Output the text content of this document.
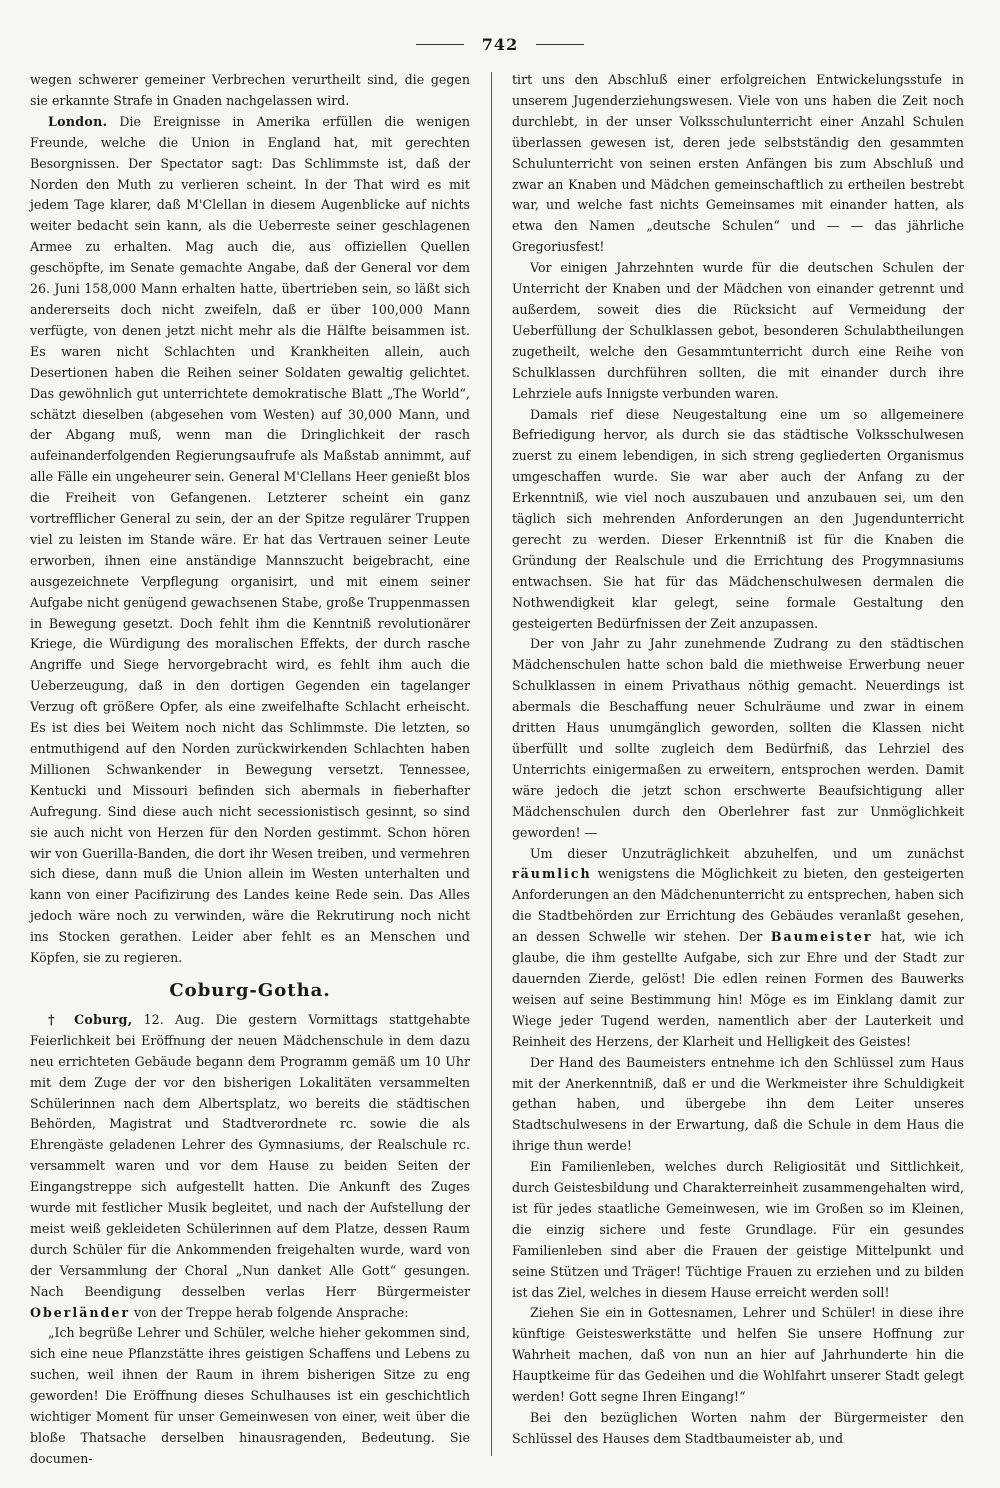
742

wegen schwerer gemeiner Verbrechen verurtheilt sind, die gegen sie erkannte Strafe in Gnaden nachgelassen wird.

London. Die Ereignisse in Amerika erfüllen die wenigen Freunde, welche die Union in England hat, mit gerechten Besorgnissen. Der Spectator sagt: Das Schlimmste ist, daß der Norden den Muth zu verlieren scheint. In der That wird es mit jedem Tage klarer, daß M'Clellan in diesem Augenblicke auf nichts weiter bedacht sein kann, als die Ueberreste seiner geschlagenen Armee zu erhalten. Mag auch die, aus offiziellen Quellen geschöpfte, im Senate gemachte Angabe, daß der General vor dem 26. Juni 158,000 Mann erhalten hatte, übertrieben sein, so läßt sich andererseits doch nicht zweifeln, daß er über 100,000 Mann verfügte, von denen jetzt nicht mehr als die Hälfte beisammen ist. Es waren nicht Schlachten und Krankheiten allein, auch Desertionen haben die Reihen seiner Soldaten gewaltig gelichtet. Das gewöhnlich gut unterrichtete demokratische Blatt „The World“, schätzt dieselben (abgesehen vom Westen) auf 30,000 Mann, und der Abgang muß, wenn man die Dringlichkeit der rasch aufeinanderfolgenden Regierungsaufrufe als Maßstab annimmt, auf alle Fälle ein ungeheurer sein. General M'Clellans Heer genießt blos die Freiheit von Gefangenen. Letzterer scheint ein ganz vortrefflicher General zu sein, der an der Spitze regulärer Truppen viel zu leisten im Stande wäre. Er hat das Vertrauen seiner Leute erworben, ihnen eine anständige Mannszucht beigebracht, eine ausgezeichnete Verpflegung organisirt, und mit einem seiner Aufgabe nicht genügend gewachsenen Stabe, große Truppenmassen in Bewegung gesetzt. Doch fehlt ihm die Kenntniß revolutionärer Kriege, die Würdigung des moralischen Effekts, der durch rasche Angriffe und Siege hervorgebracht wird, es fehlt ihm auch die Ueberzeugung, daß in den dortigen Gegenden ein tagelanger Verzug oft größere Opfer, als eine zweifelhafte Schlacht erheischt. Es ist dies bei Weitem noch nicht das Schlimmste. Die letzten, so entmuthigend auf den Norden zurückwirkenden Schlachten haben Millionen Schwankender in Bewegung versetzt. Tennessee, Kentucki und Missouri befinden sich abermals in fieberhafter Aufregung. Sind diese auch nicht secessionistisch gesinnt, so sind sie auch nicht von Herzen für den Norden gestimmt. Schon hören wir von Guerilla-Banden, die dort ihr Wesen treiben, und vermehren sich diese, dann muß die Union allein im Westen unterhalten und kann von einer Pacifizirung des Landes keine Rede sein. Das Alles jedoch wäre noch zu verwinden, wäre die Rekrutirung noch nicht ins Stocken gerathen. Leider aber fehlt es an Menschen und Köpfen, sie zu regieren.

Coburg-Gotha.

† Coburg, 12. Aug. Die gestern Vormittags stattgehabte Feierlichkeit bei Eröffnung der neuen Mädchenschule in dem dazu neu errichteten Gebäude begann dem Programm gemäß um 10 Uhr mit dem Zuge der vor den bisherigen Lokalitäten versammelten Schülerinnen nach dem Albertsplatz, wo bereits die städtischen Behörden, Magistrat und Stadtverordnete rc. sowie die als Ehrengäste geladenen Lehrer des Gymnasiums, der Realschule rc. versammelt waren und vor dem Hause zu beiden Seiten der Eingangstreppe sich aufgestellt hatten. Die Ankunft des Zuges wurde mit festlicher Musik begleitet, und nach der Aufstellung der meist weiß gekleideten Schülerinnen auf dem Platze, dessen Raum durch Schüler für die Ankommenden freigehalten wurde, ward von der Versammlung der Choral „Nun danket Alle Gott“ gesungen. Nach Beendigung desselben verlas Herr Bürgermeister Oberländer von der Treppe herab folgende Ansprache:

„Ich begrüße Lehrer und Schüler, welche hieher gekommen sind, sich eine neue Pflanzstätte ihres geistigen Schaffens und Lebens zu suchen, weil ihnen der Raum in ihrem bisherigen Sitze zu eng geworden! Die Eröffnung dieses Schulhauses ist ein geschichtlich wichtiger Moment für unser Gemeinwesen von einer, weit über die bloße Thatsache derselben hinausragenden, Bedeutung. Sie documen-

tirt uns den Abschluß einer erfolgreichen Entwickelungsstufe in unserem Jugenderziehungswesen. Viele von uns haben die Zeit noch durchlebt, in der unser Volksschulunterricht einer Anzahl Schulen überlassen gewesen ist, deren jede selbstständig den gesammten Schulunterricht von seinen ersten Anfängen bis zum Abschluß und zwar an Knaben und Mädchen gemeinschaftlich zu ertheilen bestrebt war, und welche fast nichts Gemeinsames mit einander hatten, als etwa den Namen „deutsche Schulen“ und — — das jährliche Gregoriusfest!

Vor einigen Jahrzehnten wurde für die deutschen Schulen der Unterricht der Knaben und der Mädchen von einander getrennt und außerdem, soweit dies die Rücksicht auf Vermeidung der Ueberfüllung der Schulklassen gebot, besonderen Schulabtheilungen zugetheilt, welche den Gesammtunterricht durch eine Reihe von Schulklassen durchführen sollten, die mit einander durch ihre Lehrziele aufs Innigste verbunden waren.

Damals rief diese Neugestaltung eine um so allgemeinere Befriedigung hervor, als durch sie das städtische Volksschulwesen zuerst zu einem lebendigen, in sich streng gegliederten Organismus umgeschaffen wurde. Sie war aber auch der Anfang zu der Erkenntniß, wie viel noch auszubauen und anzubauen sei, um den täglich sich mehrenden Anforderungen an den Jugendunterricht gerecht zu werden. Dieser Erkenntniß ist für die Knaben die Gründung der Realschule und die Errichtung des Progymnasiums entwachsen. Sie hat für das Mädchenschulwesen dermalen die Nothwendigkeit klar gelegt, seine formale Gestaltung den gesteigerten Bedürfnissen der Zeit anzupassen.

Der von Jahr zu Jahr zunehmende Zudrang zu den städtischen Mädchenschulen hatte schon bald die miethweise Erwerbung neuer Schulklassen in einem Privathaus nöthig gemacht. Neuerdings ist abermals die Beschaffung neuer Schulräume und zwar in einem dritten Haus unumgänglich geworden, sollten die Klassen nicht überfüllt und sollte zugleich dem Bedürfniß, das Lehrziel des Unterrichts einigermaßen zu erweitern, entsprochen werden. Damit wäre jedoch die jetzt schon erschwerte Beaufsichtigung aller Mädchenschulen durch den Oberlehrer fast zur Unmöglichkeit geworden! —

Um dieser Unzuträglichkeit abzuhelfen, und um zunächst räumlich wenigstens die Möglichkeit zu bieten, den gesteigerten Anforderungen an den Mädchenunterricht zu entsprechen, haben sich die Stadtbehörden zur Errichtung des Gebäudes veranlaßt gesehen, an dessen Schwelle wir stehen. Der Baumeister hat, wie ich glaube, die ihm gestellte Aufgabe, sich zur Ehre und der Stadt zur dauernden Zierde, gelöst! Die edlen reinen Formen des Bauwerks weisen auf seine Bestimmung hin! Möge es im Einklang damit zur Wiege jeder Tugend werden, namentlich aber der Lauterkeit und Reinheit des Herzens, der Klarheit und Helligkeit des Geistes!

Der Hand des Baumeisters entnehme ich den Schlüssel zum Haus mit der Anerkenntniß, daß er und die Werkmeister ihre Schuldigkeit gethan haben, und übergebe ihn dem Leiter unseres Stadtschulwesens in der Erwartung, daß die Schule in dem Haus die ihrige thun werde!

Ein Familienleben, welches durch Religiosität und Sittlichkeit, durch Geistesbildung und Charakterreinheit zusammengehalten wird, ist für jedes staatliche Gemeinwesen, wie im Großen so im Kleinen, die einzig sichere und feste Grundlage. Für ein gesundes Familienleben sind aber die Frauen der geistige Mittelpunkt und seine Stützen und Träger! Tüchtige Frauen zu erziehen und zu bilden ist das Ziel, welches in diesem Hause erreicht werden soll!

Ziehen Sie ein in Gottesnamen, Lehrer und Schüler! in diese ihre künftige Geisteswerkstätte und helfen Sie unsere Hoffnung zur Wahrheit machen, daß von nun an hier auf Jahrhunderte hin die Hauptkeime für das Gedeihen und die Wohlfahrt unserer Stadt gelegt werden! Gott segne Ihren Eingang!“

Bei den bezüglichen Worten nahm der Bürgermeister den Schlüssel des Hauses dem Stadtbaumeister ab, und
